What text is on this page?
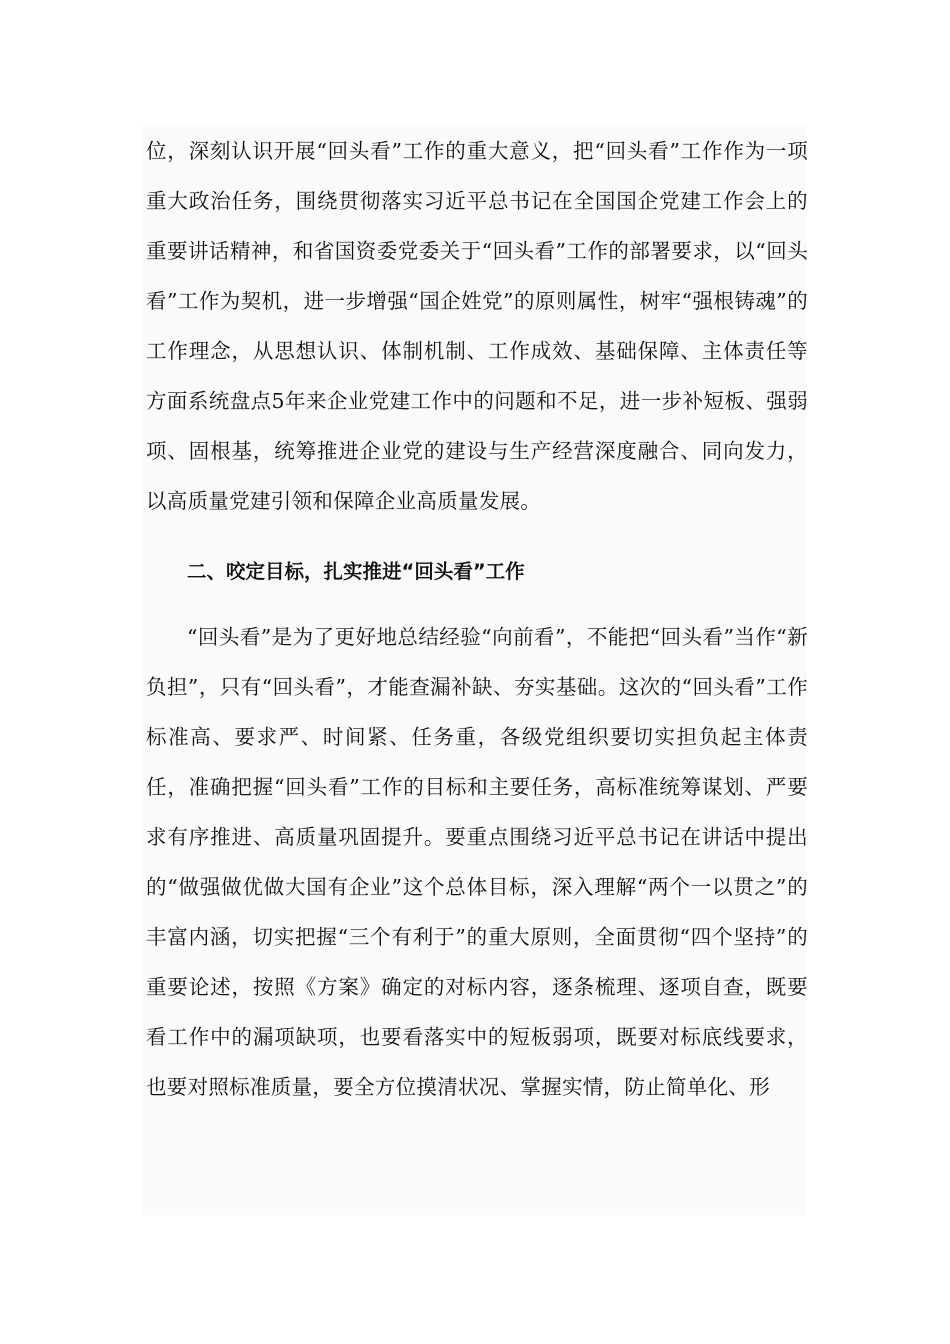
位，深刻认识开展“回头看”工作的重大意义，把“回头看”工作作为一项重大政治任务，围绕贯彻落实习近平总书记在全国国企党建工作会上的重要讲话精神，和省国资委党委关于“回头看”工作的部署要求，以“回头看”工作为契机，进一步增强“国企姓党”的原则属性，树牢“强根铸魂”的工作理念，从思想认识、体制机制、工作成效、基础保障、主体责任等方面系统盘点5年来企业党建工作中的问题和不足，进一步补短板、强弱项、固根基，统筹推进企业党的建设与生产经营深度融合、同向发力，以高质量党建引领和保障企业高质量发展。

二、咬定目标，扎实推进“回头看”工作

“回头看”是为了更好地总结经验“向前看”，不能把“回头看”当作“新负担”，只有“回头看”，才能查漏补缺、夯实基础。这次的“回头看”工作标准高、要求严、时间紧、任务重，各级党组织要切实担负起主体责任，准确把握“回头看”工作的目标和主要任务，高标准统筹谋划、严要求有序推进、高质量巩固提升。要重点围绕习近平总书记在讲话中提出的“做强做优做大国有企业”这个总体目标，深入理解“两个一以贯之”的丰富内涵，切实把握“三个有利于”的重大原则，全面贯彻“四个坚持”的重要论述，按照《方案》确定的对标内容，逐条梳理、逐项自查，既要看工作中的漏项缺项，也要看落实中的短板弱项，既要对标底线要求，也要对照标准质量，要全方位摸清状况、掌握实情，防止简单化、形
